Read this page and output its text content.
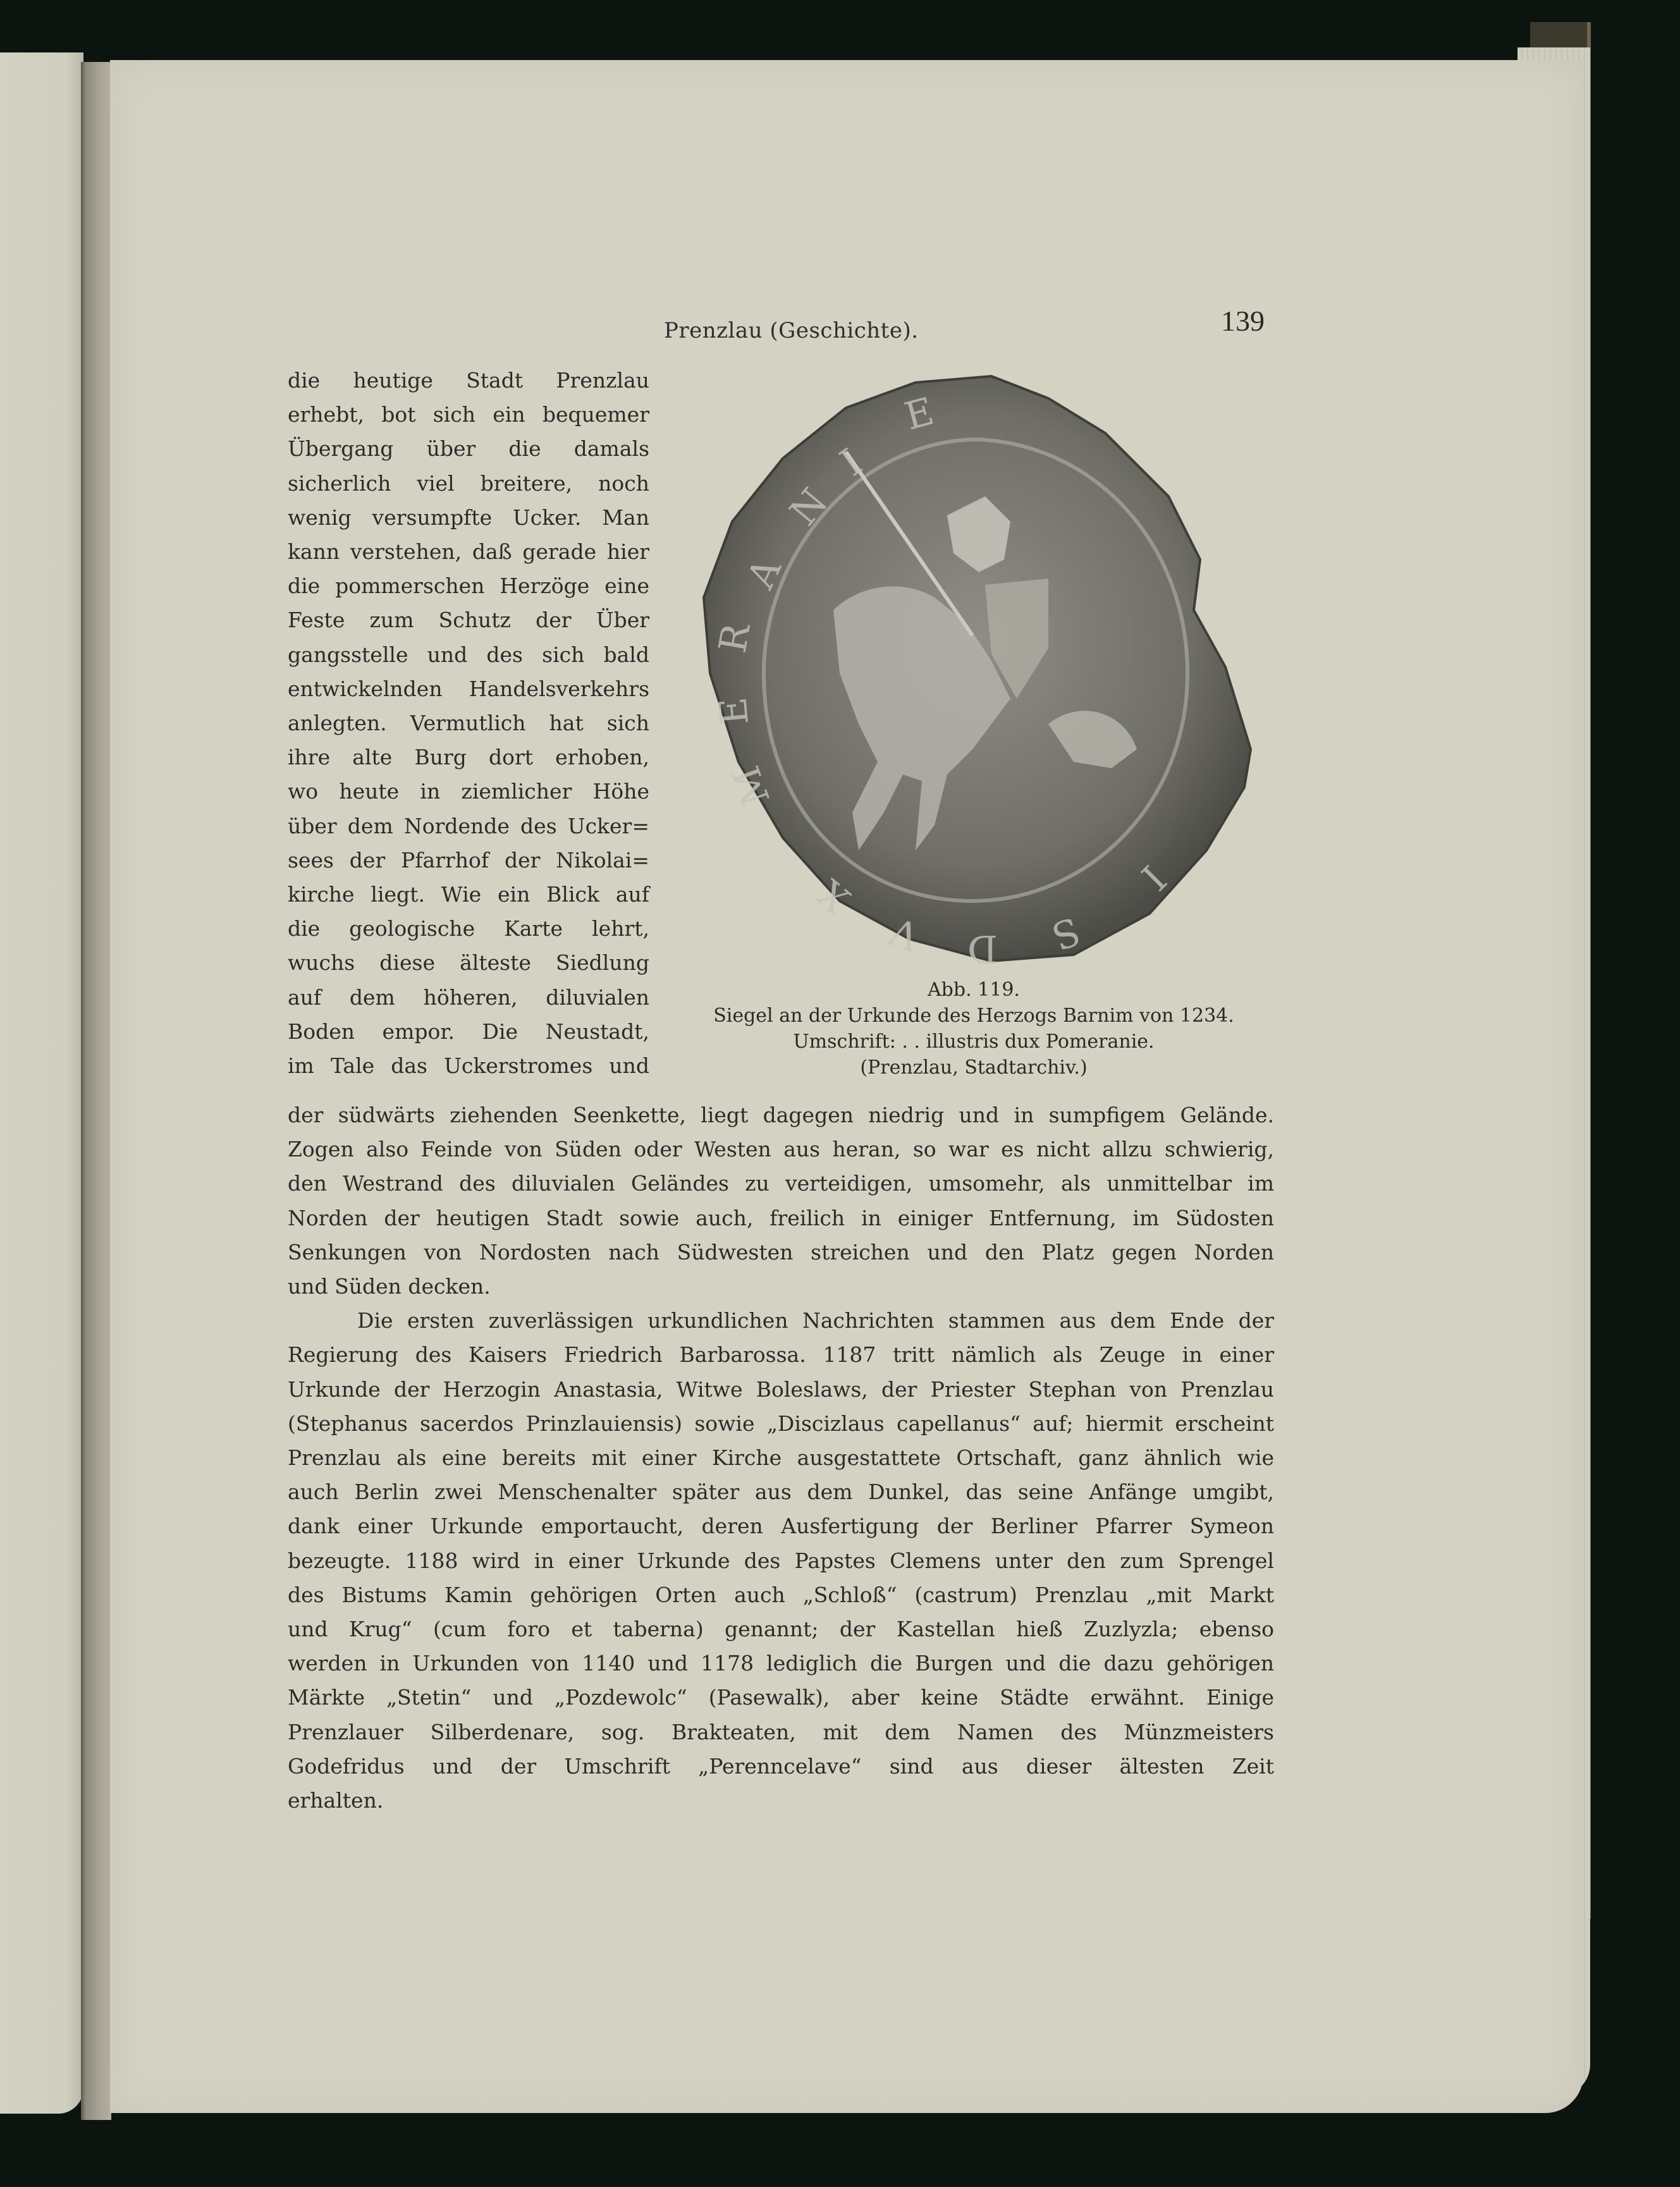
Prenzlau (Geschichte).	139
die heutige Stadt Prenzlau
erhebt, bot sich ein bequemer
Übergang über die damals
sicherlich viel breitere, noch
wenig versumpfte Ucker. Man
kann verstehen, daß gerade hier
die pommerschen Herzöge eine
Feste zum Schutz der Über
gangsstelle und des sich bald
entwickelnden Handelsverkehrs
anlegten. Vermutlich hat sich
ihre alte Burg dort erhoben,
wo heute in ziemlicher Höhe
über dem Nordende des Ucker=
sees der Pfarrhof der Nikolai=
kirche liegt. Wie ein Blick auf
die geologische Karte lehrt,
wuchs diese älteste Siedlung
auf dem höheren, diluvialen
Boden empor. Die Neustadt,
im Tale das Uckerstromes und
E
I
N
A
R
E
M
X
V D S
I
Abb. 119.
Siegel an der Urkunde des Herzogs Barnim von 1234.
Umschrift: . . illustris dux Pomeranie.
(Prenzlau, Stadtarchiv.)
der südwärts ziehenden Seenkette, liegt dagegen niedrig und in sumpfigem Gelände.
Zogen also Feinde von Süden oder Westen aus heran, so war es nicht allzu schwierig,
den Westrand des diluvialen Geländes zu verteidigen, umsomehr, als unmittelbar im
Norden der heutigen Stadt sowie auch, freilich in einiger Entfernung, im Südosten
Senkungen von Nordosten nach Südwesten streichen und den Platz gegen Norden
und Süden decken.
Die ersten zuverlässigen urkundlichen Nachrichten stammen aus dem Ende der
Regierung des Kaisers Friedrich Barbarossa. 1187 tritt nämlich als Zeuge in einer
Urkunde der Herzogin Anastasia, Witwe Boleslaws, der Priester Stephan von Prenzlau
(Stephanus sacerdos Prinzlauiensis) sowie „Discizlaus capellanus“ auf; hiermit erscheint
Prenzlau als eine bereits mit einer Kirche ausgestattete Ortschaft, ganz ähnlich wie
auch Berlin zwei Menschenalter später aus dem Dunkel, das seine Anfänge umgibt,
dank einer Urkunde emportaucht, deren Ausfertigung der Berliner Pfarrer Symeon
bezeugte. 1188 wird in einer Urkunde des Papstes Clemens unter den zum Sprengel
des Bistums Kamin gehörigen Orten auch „Schloß“ (castrum) Prenzlau „mit Markt
und Krug“ (cum foro et taberna) genannt; der Kastellan hieß Zuzlyzla; ebenso
werden in Urkunden von 1140 und 1178 lediglich die Burgen und die dazu gehörigen
Märkte „Stetin“ und „Pozdewolc“ (Pasewalk), aber keine Städte erwähnt. Einige
Prenzlauer Silberdenare, sog. Brakteaten, mit dem Namen des Münzmeisters
Godefridus und der Umschrift „Perenncelave“ sind aus dieser ältesten Zeit
erhalten.
